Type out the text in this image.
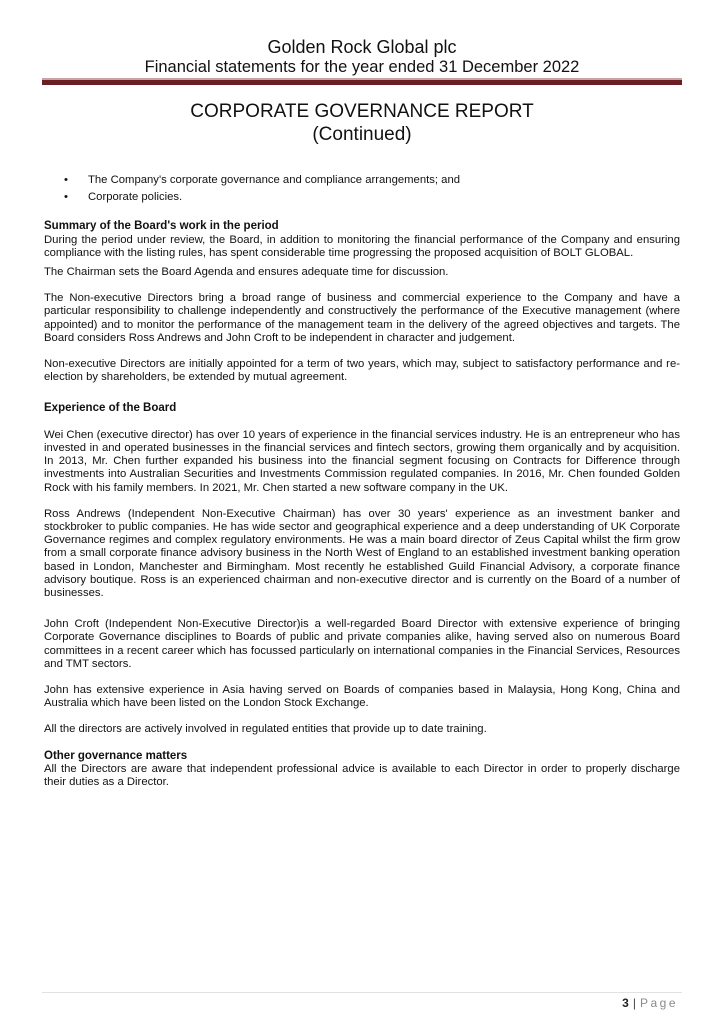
Golden Rock Global plc
Financial statements for the year ended 31 December 2022
CORPORATE GOVERNANCE REPORT
(Continued)
• The Company's corporate governance and compliance arrangements; and
• Corporate policies.
Summary of the Board's work in the period

During the period under review, the Board, in addition to monitoring the financial performance of the Company and ensuring compliance with the listing rules, has spent considerable time progressing the proposed acquisition of BOLT GLOBAL.

The Chairman sets the Board Agenda and ensures adequate time for discussion.

The Non-executive Directors bring a broad range of business and commercial experience to the Company and have a particular responsibility to challenge independently and constructively the performance of the Executive management (where appointed) and to monitor the performance of the management team in the delivery of the agreed objectives and targets. The Board considers Ross Andrews and John Croft to be independent in character and judgement.

Non-executive Directors are initially appointed for a term of two years, which may, subject to satisfactory performance and re-election by shareholders, be extended by mutual agreement.

Experience of the Board

Wei Chen (executive director) has over 10 years of experience in the financial services industry. He is an entrepreneur who has invested in and operated businesses in the financial services and fintech sectors, growing them organically and by acquisition. In 2013, Mr. Chen further expanded his business into the financial segment focusing on Contracts for Difference through investments into Australian Securities and Investments Commission regulated companies. In 2016, Mr. Chen founded Golden Rock with his family members. In 2021, Mr. Chen started a new software company in the UK.

Ross Andrews (Independent Non-Executive Chairman) has over 30 years' experience as an investment banker and stockbroker to public companies. He has wide sector and geographical experience and a deep understanding of UK Corporate Governance regimes and complex regulatory environments. He was a main board director of Zeus Capital whilst the firm grow from a small corporate finance advisory business in the North West of England to an established investment banking operation based in London, Manchester and Birmingham. Most recently he established Guild Financial Advisory, a corporate finance advisory boutique. Ross is an experienced chairman and non-executive director and is currently on the Board of a number of businesses.

John Croft (Independent Non-Executive Director)is a well-regarded Board Director with extensive experience of bringing Corporate Governance disciplines to Boards of public and private companies alike, having served also on numerous Board committees in a recent career which has focussed particularly on international companies in the Financial Services, Resources and TMT sectors.

John has extensive experience in Asia having served on Boards of companies based in Malaysia, Hong Kong, China and Australia which have been listed on the London Stock Exchange.

All the directors are actively involved in regulated entities that provide up to date training.

Other governance matters

All the Directors are aware that independent professional advice is available to each Director in order to properly discharge their duties as a Director.

3 | Page
